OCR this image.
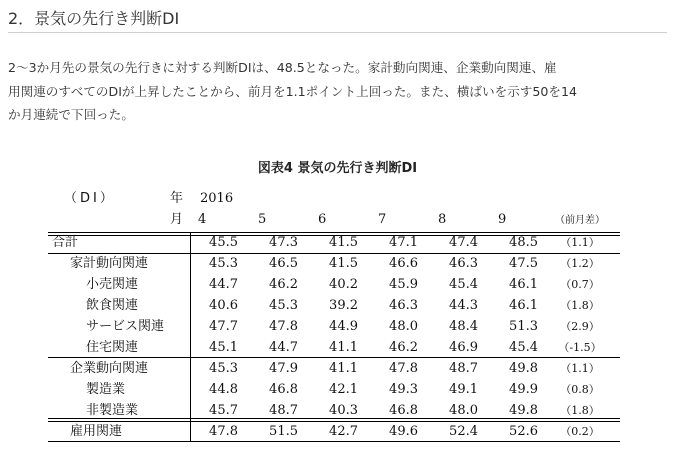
2．景気の先行き判断DI
2～3か月先の景気の先行きに対する判断DIは、48.5となった。家計動向関連、企業動向関連、雇
用関連のすべてのDIが上昇したことから、前月を1.1ポイント上回った。また、横ばいを示す50を14
か月連続で下回った。
図表4 景気の先行き判断DI
（DI）	年 2016
月	（前月差）
4	5	6	7	8	9
合計	45.5	47.3	41.5	47.1	47.4	48.5	（1.1）
家計動向関連	45.3	46.5	41.5	46.6	46.3	47.5	（1.2）
小売関連	44.7	46.2	40.2	45.9	45.4	46.1	（0.7）
飲食関連	40.6	45.3	39.2	46.3	44.3	46.1	（1.8）
サービス関連	47.7	47.8	44.9	48.0	48.4	51.3	（2.9）
住宅関連	45.1	44.7	41.1	46.2	46.9	45.4	（-1.5）
企業動向関連	45.3	47.9	41.1	47.8	48.7	49.8	（1.1）
製造業	44.8	46.8	42.1	49.3	49.1	49.9	（0.8）
非製造業	45.7	48.7	40.3	46.8	48.0	49.8	（1.8）
雇用関連	47.8	51.5	42.7	49.6	52.4	52.6	（0.2）
